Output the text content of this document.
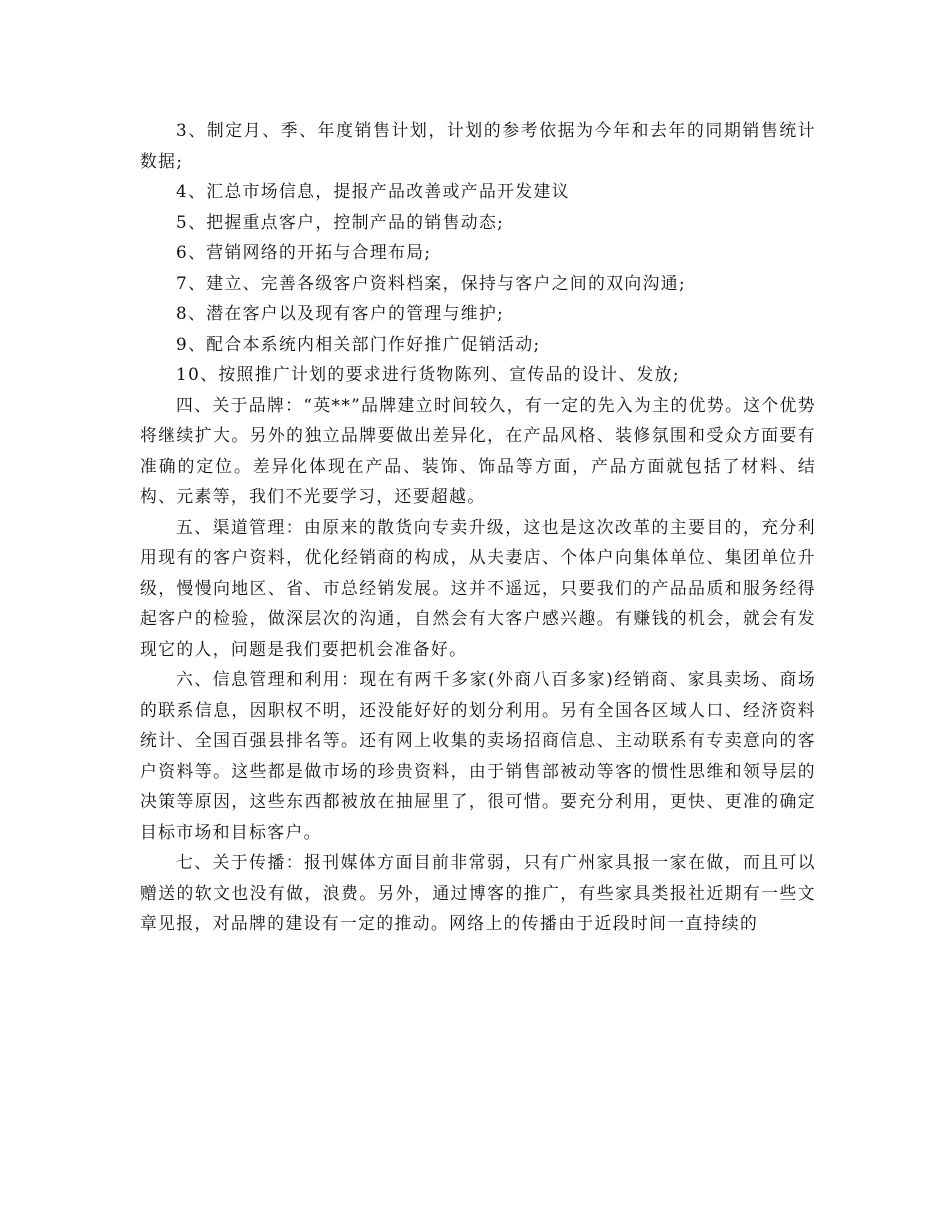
3、制定月、季、年度销售计划，计划的参考依据为今年和去年的同期销售统计数据;

4、汇总市场信息，提报产品改善或产品开发建议

5、把握重点客户，控制产品的销售动态;

6、营销网络的开拓与合理布局;

7、建立、完善各级客户资料档案，保持与客户之间的双向沟通;

8、潜在客户以及现有客户的管理与维护;

9、配合本系统内相关部门作好推广促销活动;

10、按照推广计划的要求进行货物陈列、宣传品的设计、发放;

四、关于品牌：“英**”品牌建立时间较久，有一定的先入为主的优势。这个优势将继续扩大。另外的独立品牌要做出差异化，在产品风格、装修氛围和受众方面要有准确的定位。差异化体现在产品、装饰、饰品等方面，产品方面就包括了材料、结构、元素等，我们不光要学习，还要超越。

五、渠道管理：由原来的散货向专卖升级，这也是这次改革的主要目的，充分利用现有的客户资料，优化经销商的构成，从夫妻店、个体户向集体单位、集团单位升级，慢慢向地区、省、市总经销发展。这并不遥远，只要我们的产品品质和服务经得起客户的检验，做深层次的沟通，自然会有大客户感兴趣。有赚钱的机会，就会有发现它的人，问题是我们要把机会准备好。

六、信息管理和利用：现在有两千多家(外商八百多家)经销商、家具卖场、商场的联系信息，因职权不明，还没能好好的划分利用。另有全国各区域人口、经济资料统计、全国百强县排名等。还有网上收集的卖场招商信息、主动联系有专卖意向的客户资料等。这些都是做市场的珍贵资料，由于销售部被动等客的惯性思维和领导层的决策等原因，这些东西都被放在抽屉里了，很可惜。要充分利用，更快、更准的确定目标市场和目标客户。

七、关于传播：报刊媒体方面目前非常弱，只有广州家具报一家在做，而且可以赠送的软文也没有做，浪费。另外，通过博客的推广，有些家具类报社近期有一些文章见报，对品牌的建设有一定的推动。网络上的传播由于近段时间一直持续的
